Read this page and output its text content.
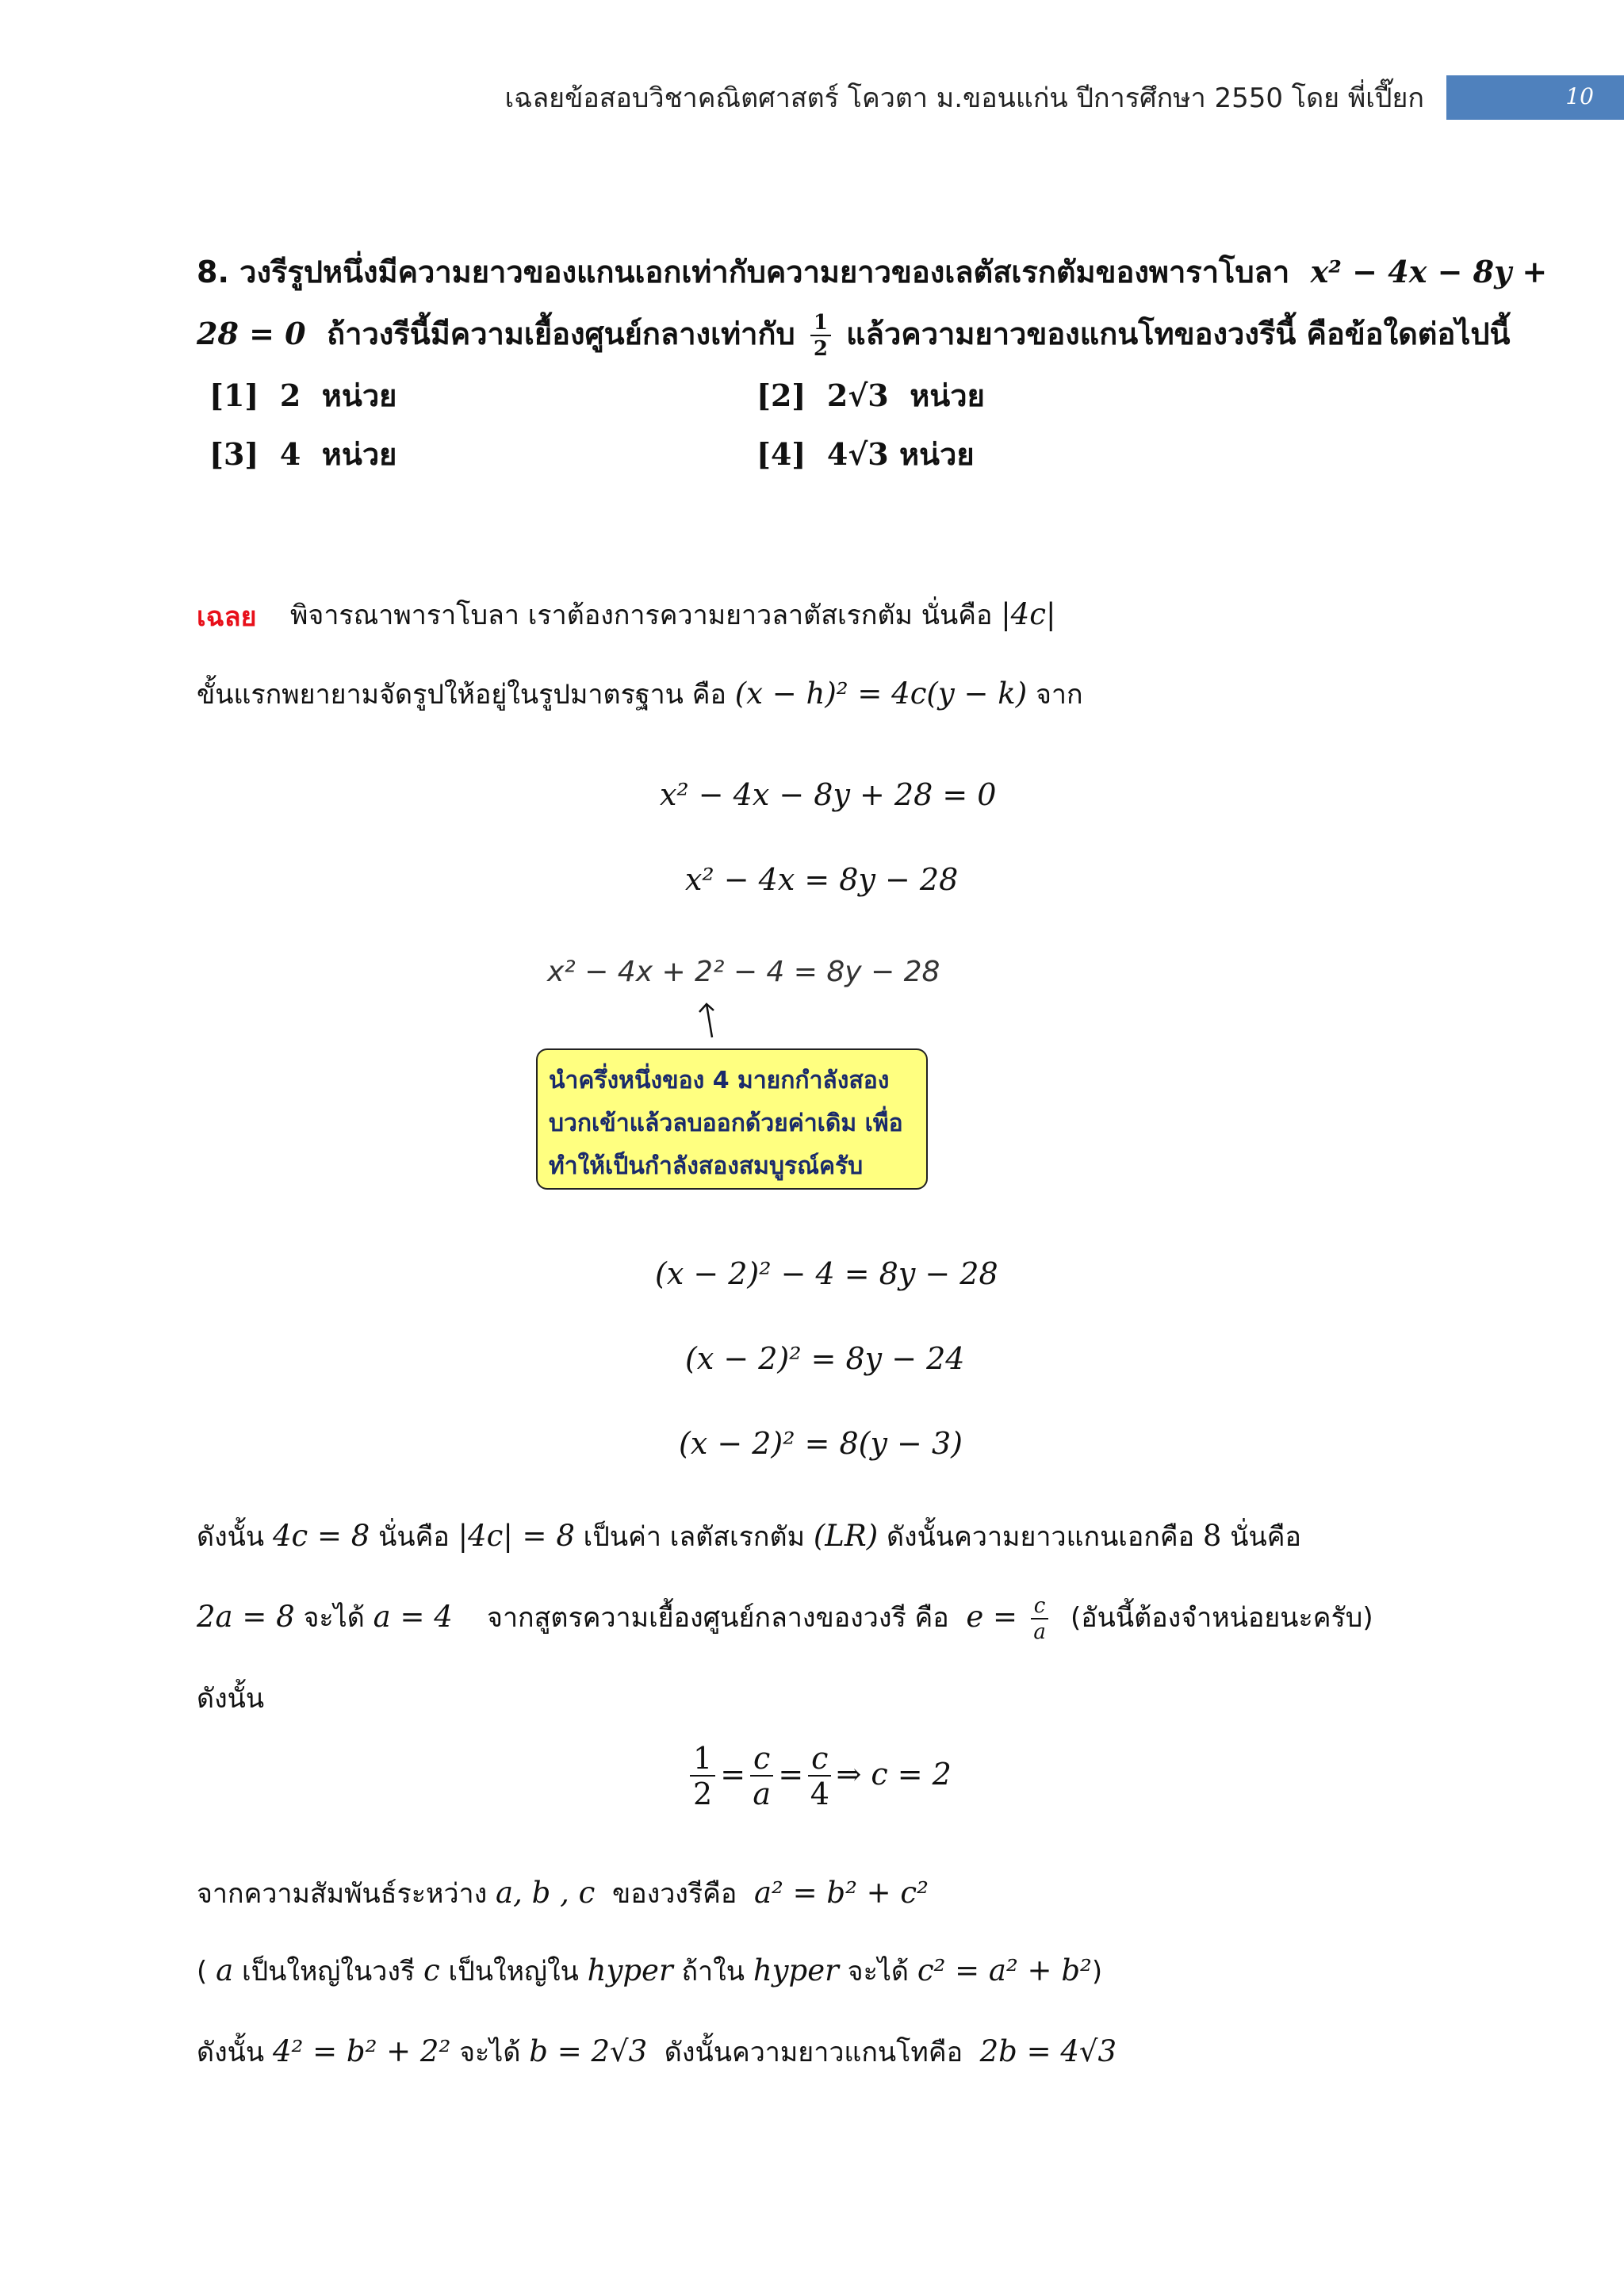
เฉลยข้อสอบวิชาคณิตศาสตร์ โควตา ม.ขอนแก่น ปีการศึกษา 2550 โดย พี่เปี๊ยก	10
8. วงรีรูปหนึ่งมีความยาวของแกนเอกเท่ากับความยาวของเลตัสเรกตัมของพาราโบลา x² − 4x − 8y +
28 = 0 ถ้าวงรีนี้มีความเยื้องศูนย์กลางเท่ากับ $\frac{1}{2}$ แล้วความยาวของแกนโทของวงรีนี้ คือข้อใดต่อไปนี้
[1] 2 หน่วย	[2] 2√3 หน่วย
[3] 4 หน่วย	[4] 4√3 หน่วย
เฉลย พิจารณาพาราโบลา เราต้องการความยาวลาตัสเรกตัม นั่นคือ |4c|
ขั้นแรกพยายามจัดรูปให้อยู่ในรูปมาตรฐาน คือ (x − h)² = 4c(y − k) จาก
x² − 4x − 8y + 28 = 0
x² − 4x = 8y − 28
x² − 4x + 2² − 4 = 8y − 28
นำครึ่งหนึ่งของ 4 มายกกำลังสอง
บวกเข้าแล้วลบออกด้วยค่าเดิม เพื่อ
ทำให้เป็นกำลังสองสมบูรณ์ครับ
(x − 2)² − 4 = 8y − 28
(x − 2)² = 8y − 24
(x − 2)² = 8(y − 3)
ดังนั้น 4c = 8 นั่นคือ |4c| = 8 เป็นค่า เลตัสเรกตัม (LR) ดังนั้นความยาวแกนเอกคือ 8 นั่นคือ
2a = 8 จะได้ a = 4 จากสูตรความเยื้องศูนย์กลางของวงรี คือ $e = \frac{c}{a}$ (อันนี้ต้องจำหน่อยนะครับ)
ดังนั้น
$\frac{1}{2} = \frac{c}{a} = \frac{c}{4}$ ⇒ c = 2
จากความสัมพันธ์ระหว่าง a, b , c ของวงรีคือ a² = b² + c²
( a เป็นใหญ่ในวงรี c เป็นใหญ่ใน hyper ถ้าใน hyper จะได้ c² = a² + b²)
ดังนั้น 4² = b² + 2² จะได้ b = 2√3 ดังนั้นความยาวแกนโทคือ 2b = 4√3
